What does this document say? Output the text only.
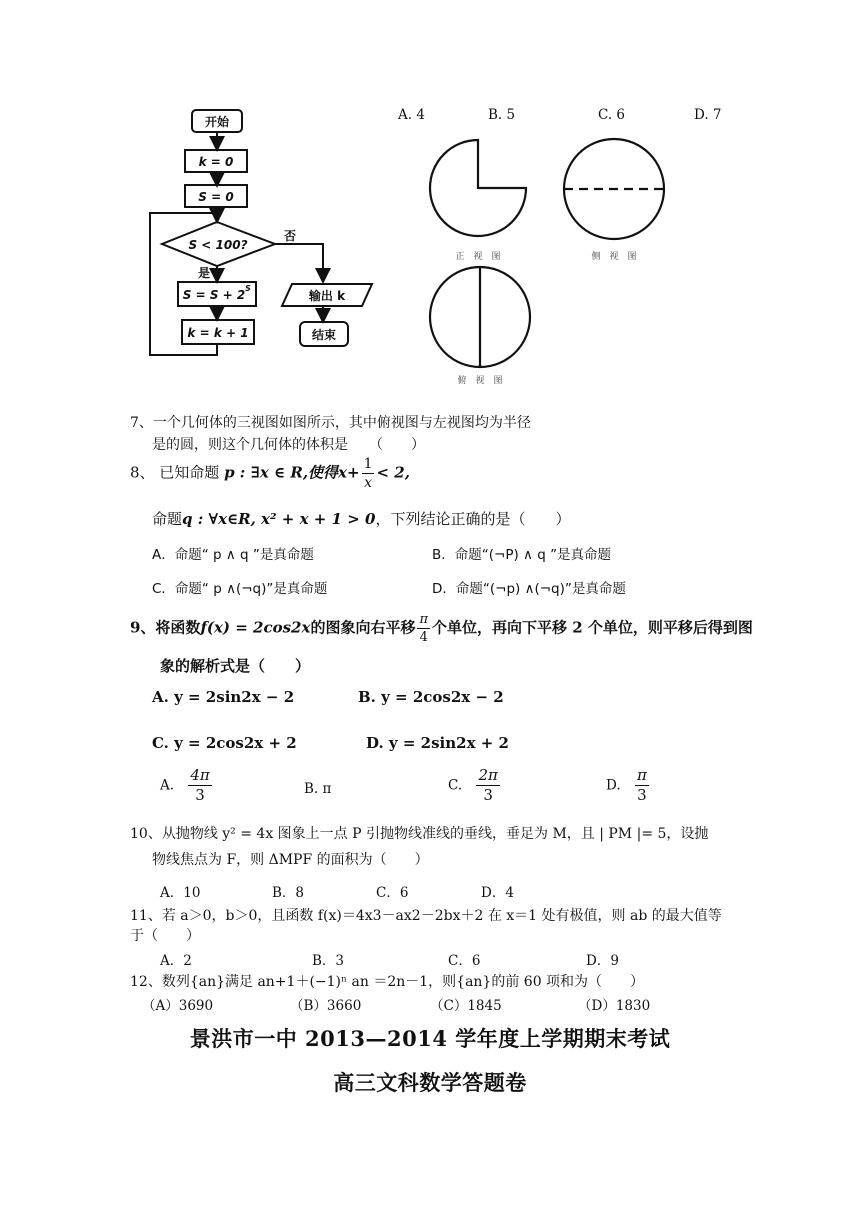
开始
k = 0
S = 0
S < 100?
否
是
S = S + 2 S
k = k + 1
输出 k
结束
A. 4	B. 5	C. 6	D. 7
正　视　图	侧　视　图
俯　视　图
7、一个几何体的三视图如图所示，其中俯视图与左视图均为半径
是的圆，则这个几何体的体积是　　（　　）
8、 已知命题 p : ∃x ∈ R,使得$x+ \frac{1}{x} < 2$,
命题q : ∀x∈R, x² + x + 1 > 0，下列结论正确的是（　　）
A．命题“ p ∧ q ”是真命题	B．命题“(¬P) ∧ q ”是真命题
C．命题“ p ∧(¬q)”是真命题	D．命题“(¬p) ∧(¬q)”是真命题
9、将函数f(x) = 2cos2x的图象向右平移 $\frac{\pi}{4}$ 个单位，再向下平移 2 个单位，则平移后得到图
象的解析式是（　　）
A. y = 2sin2x − 2	B. y = 2cos2x − 2
C. y = 2cos2x + 2	D. y = 2sin2x + 2
A. $\frac{4\pi}{3}$	B. π	C. $\frac{2\pi}{3}$	D. $\frac{\pi}{3}$
10、从抛物线 y² = 4x 图象上一点 P 引抛物线准线的垂线，垂足为 M，且 | PM |= 5，设抛
物线焦点为 F，则 ΔMPF 的面积为（　　）
A．10	B．8	C．6	D．4
11、若 a＞0，b＞0，且函数 f(x)＝4x3－ax2－2bx＋2 在 x＝1 处有极值，则 ab 的最大值等
于（　　）
A．2	B．3	C．6	D．9
12、数列{an}满足 an+1＋(−1)ⁿ an ＝2n－1，则{an}的前 60 项和为（　　）
（A）3690	（B）3660	（C）1845	（D）1830
景洪市一中 2013—2014 学年度上学期期末考试
高三文科数学答题卷
